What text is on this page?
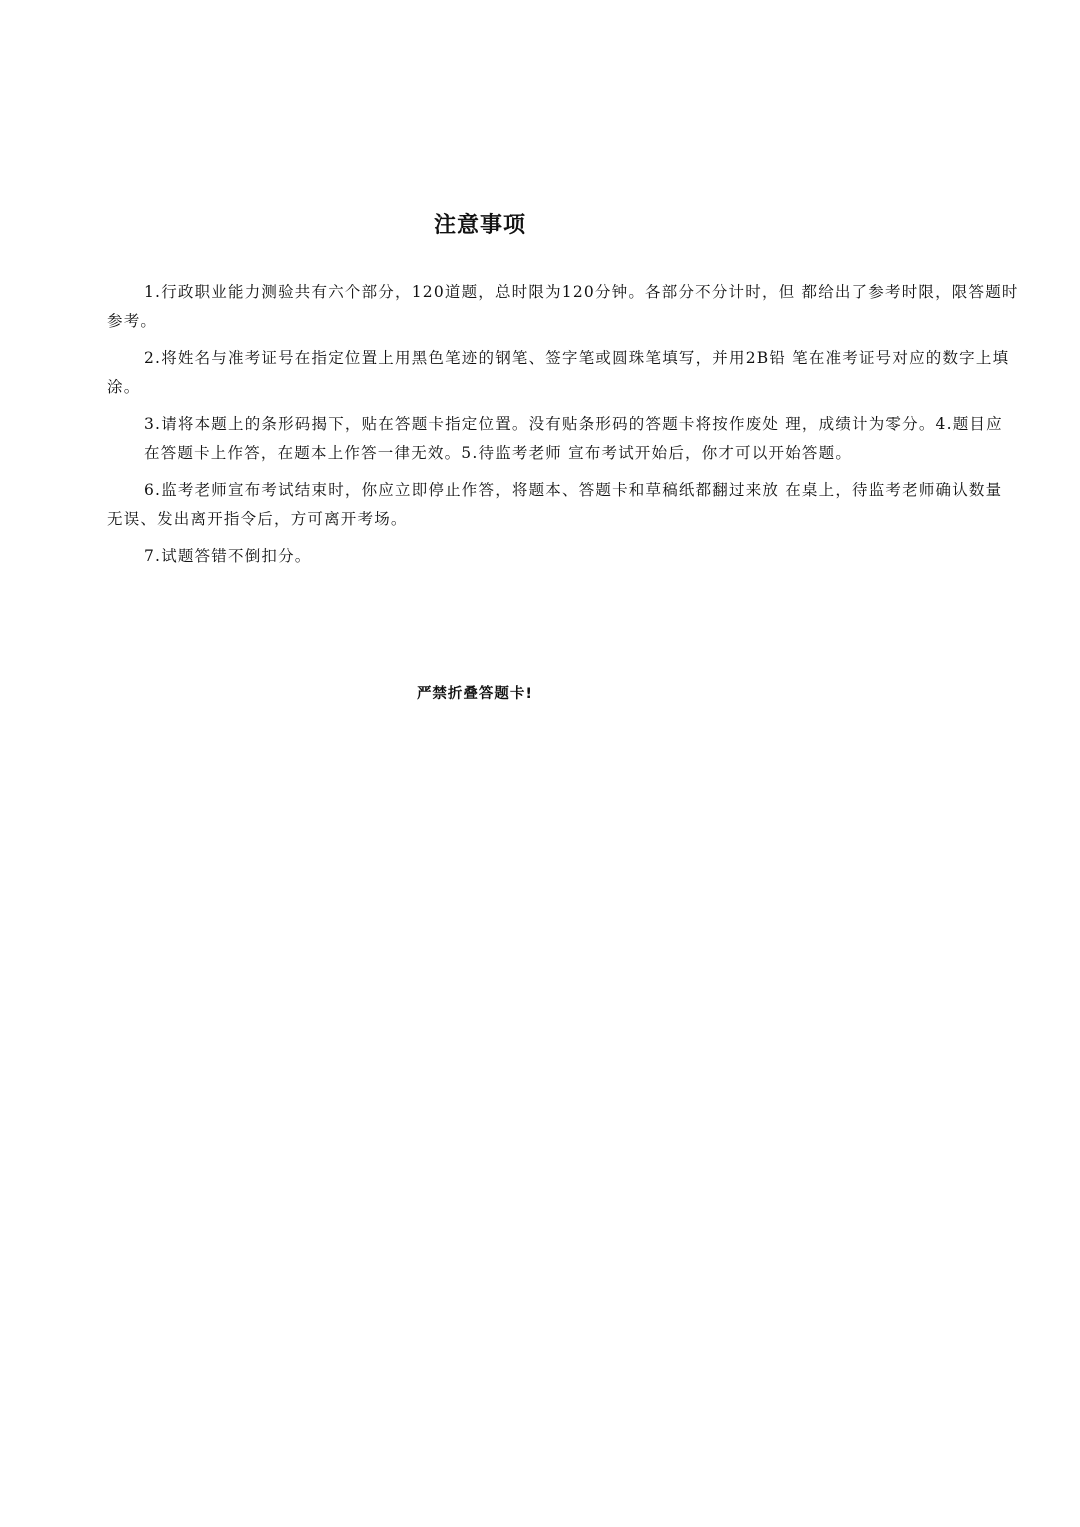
注意事项

1.行政职业能力测验共有六个部分，120道题，总时限为120分钟。各部分不分计时，但 都给出了参考时限，限答题时参考。

2.将姓名与准考证号在指定位置上用黑色笔迹的钢笔、签字笔或圆珠笔填写，并用2B铅 笔在准考证号对应的数字上填涂。

3.请将本题上的条形码揭下，贴在答题卡指定位置。没有贴条形码的答题卡将按作废处 理，成绩计为零分。4.题目应在答题卡上作答，在题本上作答一律无效。5.待监考老师 宣布考试开始后，你才可以开始答题。

6.监考老师宣布考试结束时，你应立即停止作答，将题本、答题卡和草稿纸都翻过来放 在桌上，待监考老师确认数量无误、发出离开指令后，方可离开考场。

7.试题答错不倒扣分。

严禁折叠答题卡!
